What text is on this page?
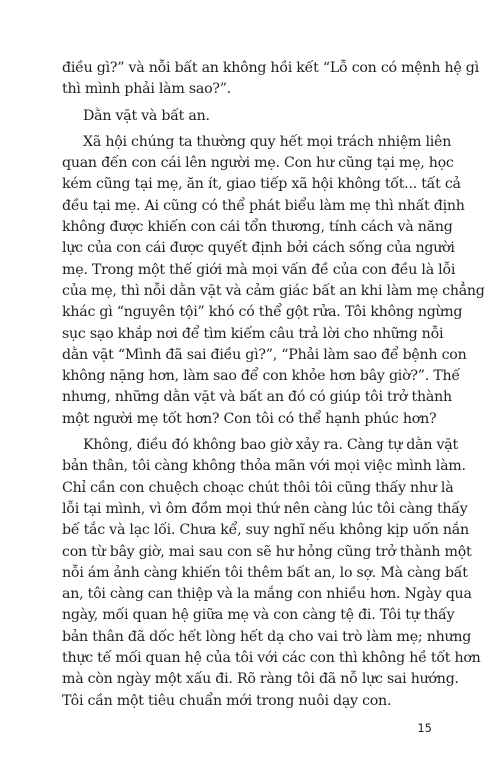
điều gì?” và nỗi bất an không hồi kết “Lỗ con có mệnh hệ gì
thì mình phải làm sao?”.
Dằn vặt và bất an.
Xã hội chúng ta thường quy hết mọi trách nhiệm liên
quan đến con cái lên người mẹ. Con hư cũng tại mẹ, học
kém cũng tại mẹ, ăn ít, giao tiếp xã hội không tốt... tất cả
đều tại mẹ. Ai cũng có thể phát biểu làm mẹ thì nhất định
không được khiến con cái tổn thương, tính cách và năng
lực của con cái được quyết định bởi cách sống của người
mẹ. Trong một thế giới mà mọi vấn đề của con đều là lỗi
của mẹ, thì nỗi dằn vặt và cảm giác bất an khi làm mẹ chẳng
khác gì “nguyên tội” khó có thể gột rửa. Tôi không ngừng
sục sạo khắp nơi để tìm kiếm câu trả lời cho những nỗi
dằn vặt “Mình đã sai điều gì?”, “Phải làm sao để bệnh con
không nặng hơn, làm sao để con khỏe hơn bây giờ?”. Thế
nhưng, những dằn vặt và bất an đó có giúp tôi trở thành
một người mẹ tốt hơn? Con tôi có thể hạnh phúc hơn?
Không, điều đó không bao giờ xảy ra. Càng tự dằn vặt
bản thân, tôi càng không thỏa mãn với mọi việc mình làm.
Chỉ cần con chuệch choạc chút thôi tôi cũng thấy như là
lỗi tại mình, vì ôm đồm mọi thứ nên càng lúc tôi càng thấy
bế tắc và lạc lối. Chưa kể, suy nghĩ nếu không kịp uốn nắn
con từ bây giờ, mai sau con sẽ hư hỏng cũng trở thành một
nỗi ám ảnh càng khiến tôi thêm bất an, lo sợ. Mà càng bất
an, tôi càng can thiệp và la mắng con nhiều hơn. Ngày qua
ngày, mối quan hệ giữa mẹ và con càng tệ đi. Tôi tự thấy
bản thân đã dốc hết lòng hết dạ cho vai trò làm mẹ; nhưng
thực tế mối quan hệ của tôi với các con thì không hề tốt hơn
mà còn ngày một xấu đi. Rõ ràng tôi đã nỗ lực sai hướng.
Tôi cần một tiêu chuẩn mới trong nuôi dạy con.
15
